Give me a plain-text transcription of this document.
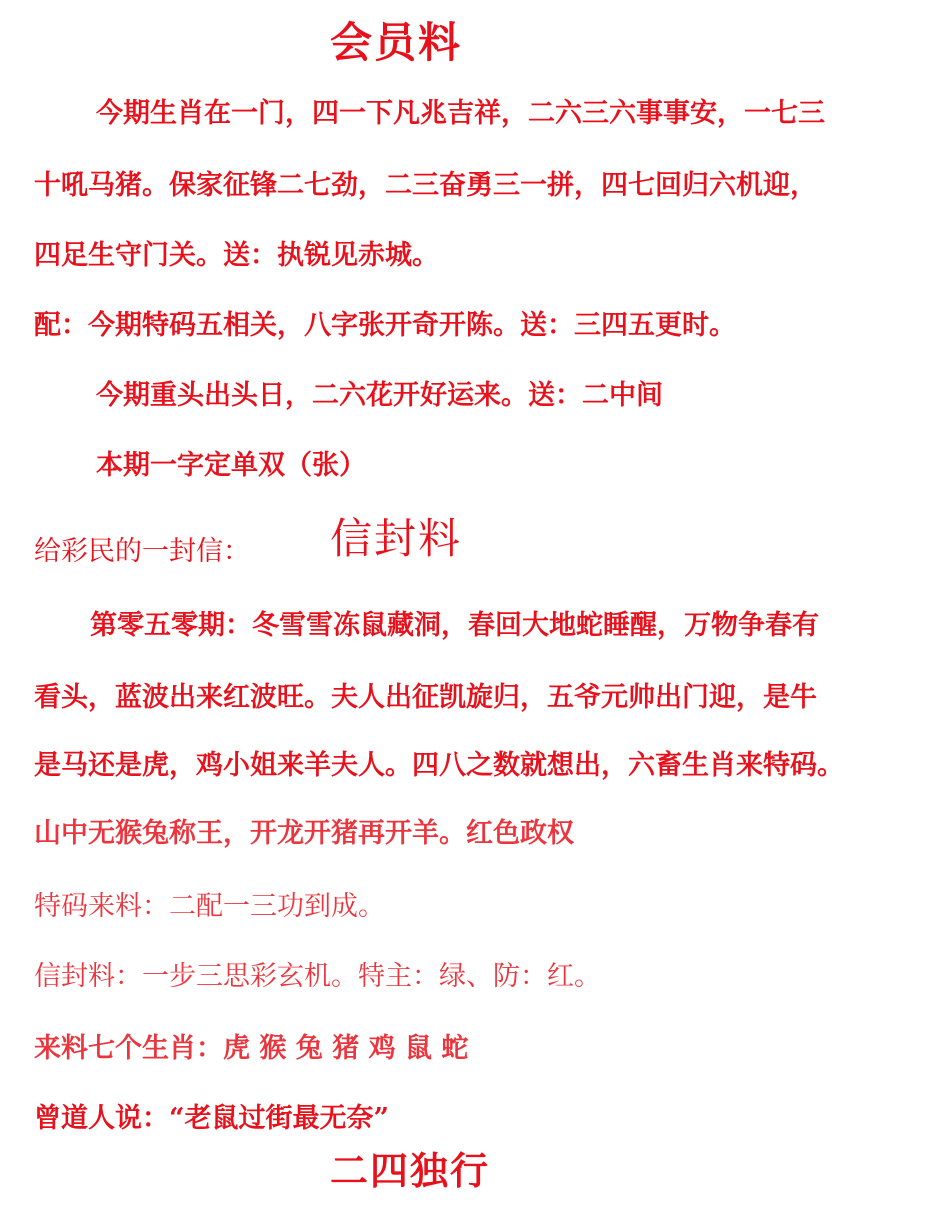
会员料
今期生肖在一门，四一下凡兆吉祥，二六三六事事安，一七三
十吼马猪。保家征锋二七劲，二三奋勇三一拼，四七回归六机迎，
四足生守门关。送：执锐见赤城。
配：今期特码五相关，八字张开奇开陈。送：三四五更时。
今期重头出头日，二六花开好运来。送：二中间
本期一字定单双（张）
给彩民的一封信： 信封料
第零五零期：冬雪雪冻鼠藏洞，春回大地蛇睡醒，万物争春有
看头，蓝波出来红波旺。夫人出征凯旋归，五爷元帅出门迎，是牛
是马还是虎，鸡小姐来羊夫人。四八之数就想出，六畜生肖来特码。
山中无猴兔称王，开龙开猪再开羊。红色政权
特码来料：二配一三功到成。
信封料：一步三思彩玄机。特主：绿、防：红。
来料七个生肖：虎 猴 兔 猪 鸡 鼠 蛇
曾道人说：“老鼠过街最无奈”
二四独行
